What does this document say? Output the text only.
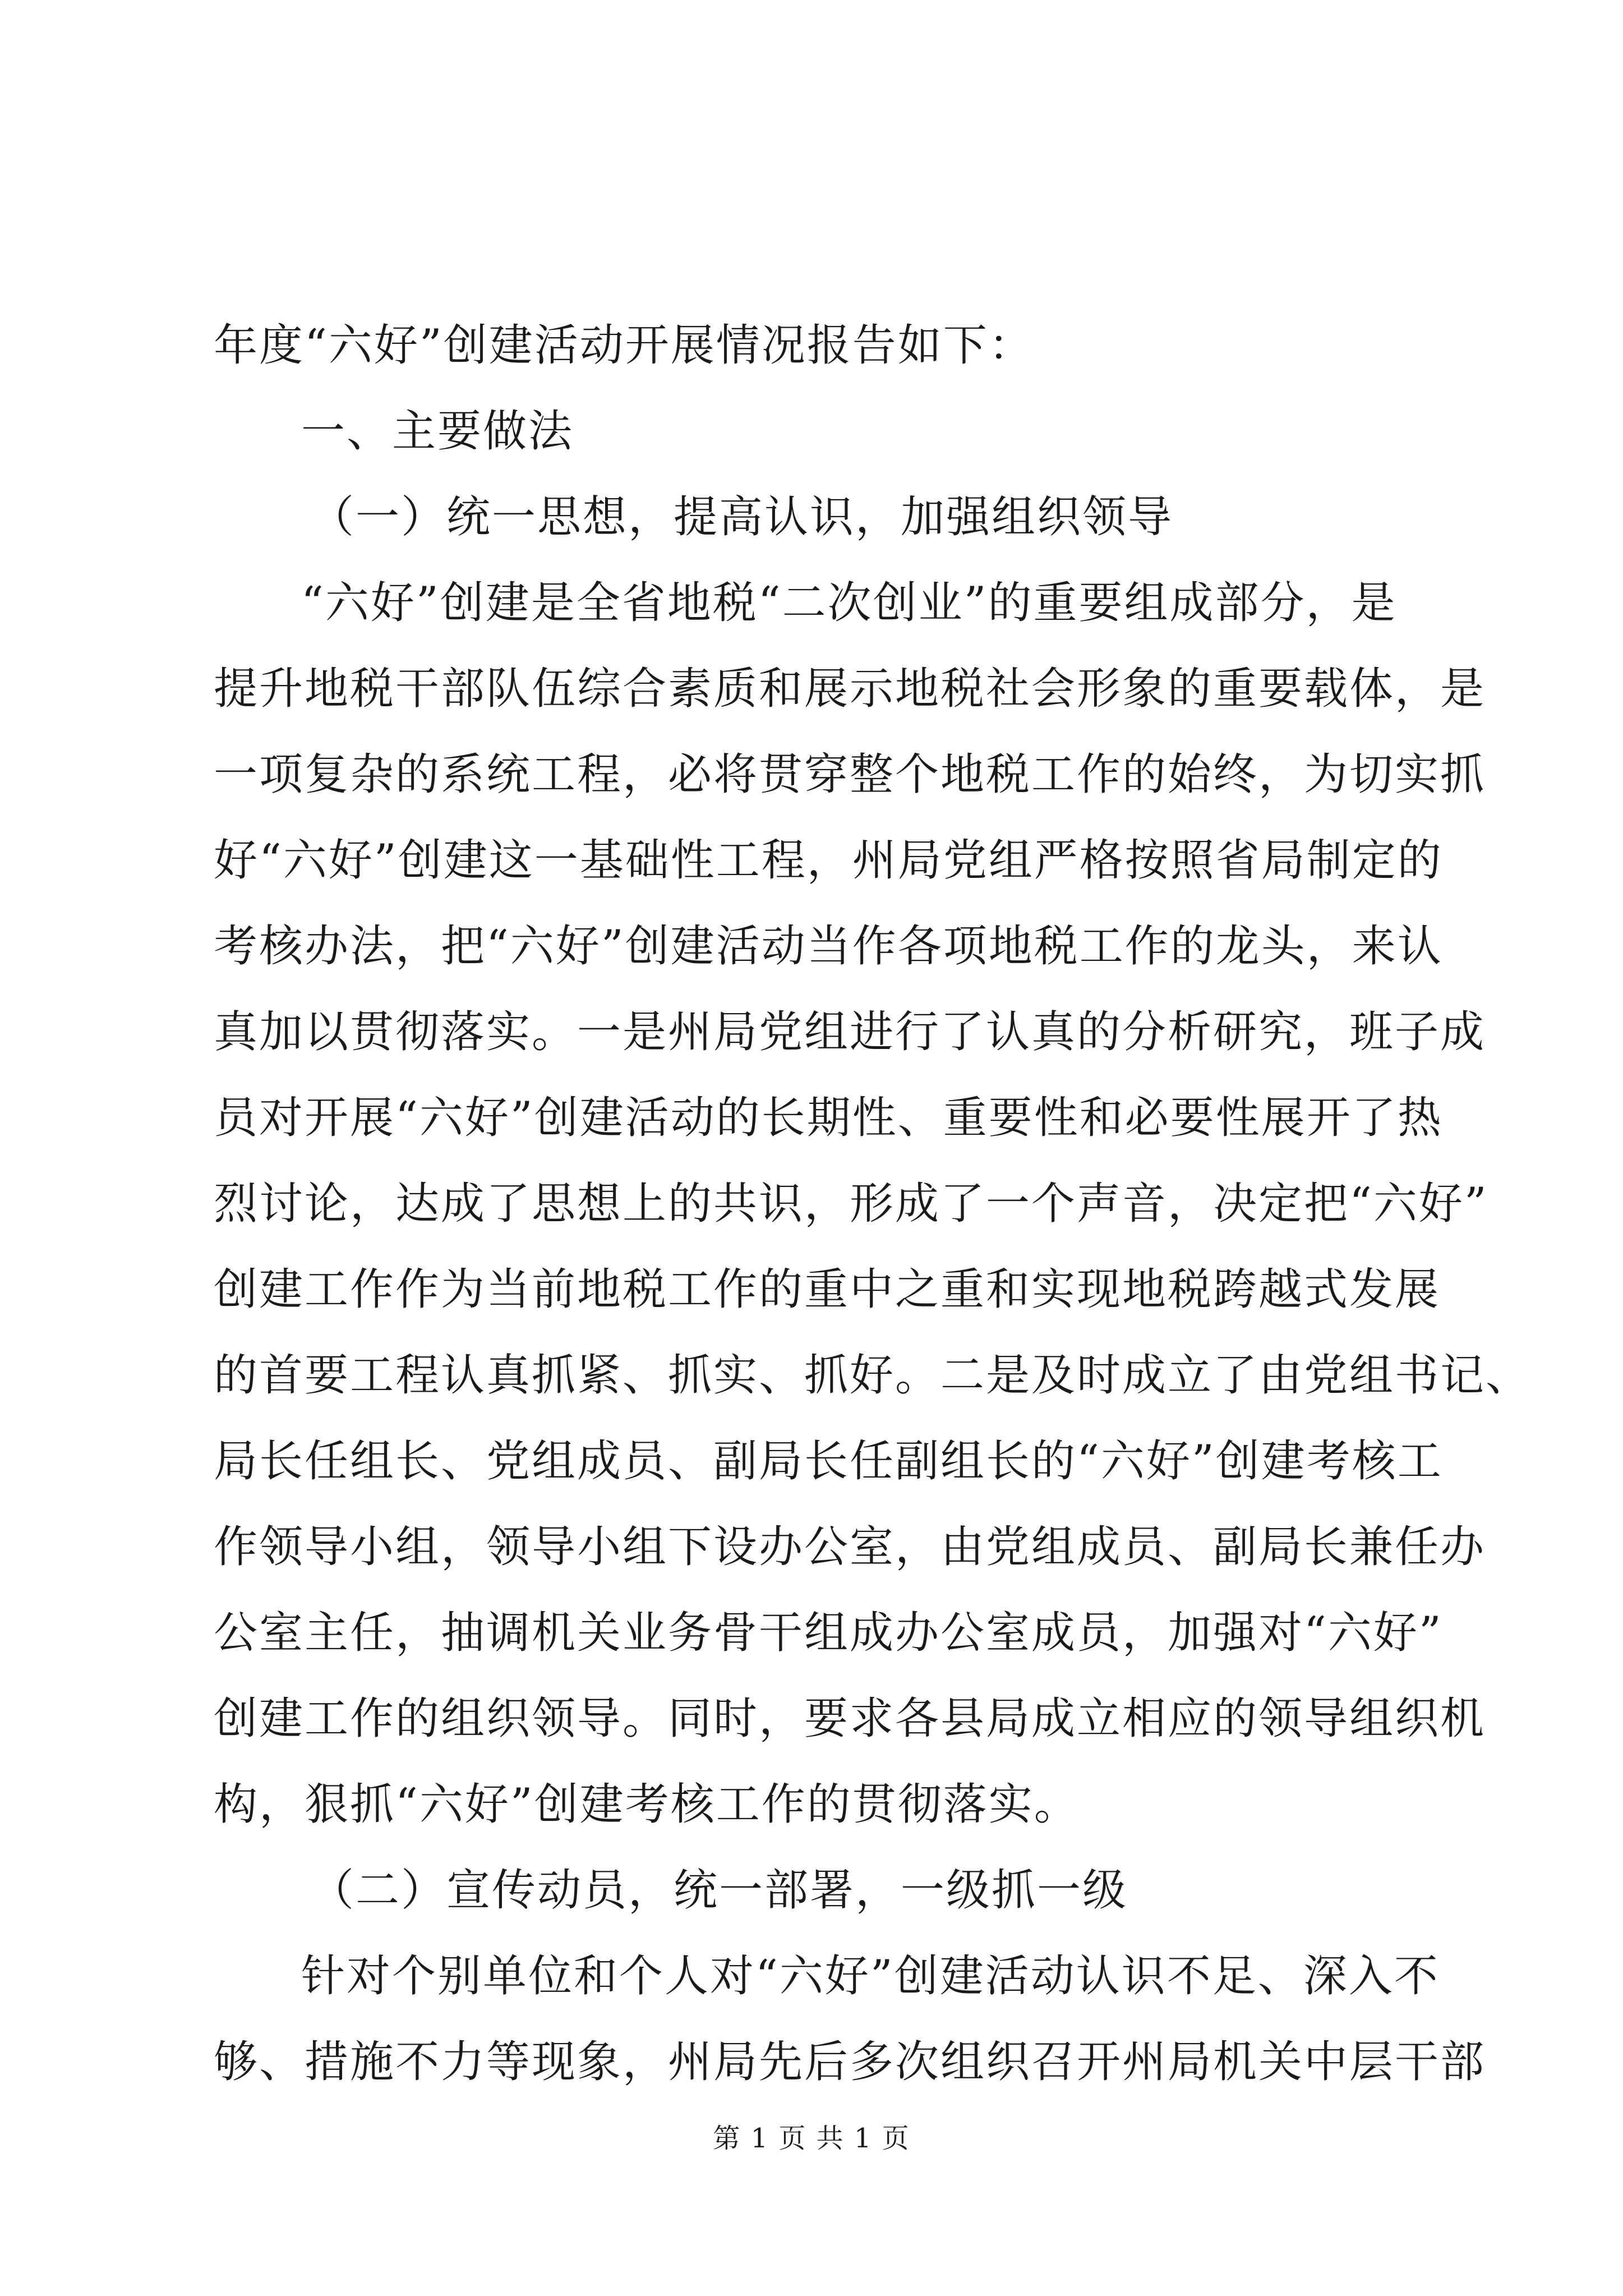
年度“六好”创建活动开展情况报告如下：
一、主要做法
（一）统一思想，提高认识，加强组织领导
“六好”创建是全省地税“二次创业”的重要组成部分，是
提升地税干部队伍综合素质和展示地税社会形象的重要载体，是
一项复杂的系统工程，必将贯穿整个地税工作的始终，为切实抓
好“六好”创建这一基础性工程，州局党组严格按照省局制定的
考核办法，把“六好”创建活动当作各项地税工作的龙头，来认
真加以贯彻落实。一是州局党组进行了认真的分析研究，班子成
员对开展“六好”创建活动的长期性、重要性和必要性展开了热
烈讨论，达成了思想上的共识，形成了一个声音，决定把“六好”
创建工作作为当前地税工作的重中之重和实现地税跨越式发展
的首要工程认真抓紧、抓实、抓好。二是及时成立了由党组书记、
局长任组长、党组成员、副局长任副组长的“六好”创建考核工
作领导小组，领导小组下设办公室，由党组成员、副局长兼任办
公室主任，抽调机关业务骨干组成办公室成员，加强对“六好”
创建工作的组织领导。同时，要求各县局成立相应的领导组织机
构，狠抓“六好”创建考核工作的贯彻落实。
（二）宣传动员，统一部署，一级抓一级
针对个别单位和个人对“六好”创建活动认识不足、深入不
够、措施不力等现象，州局先后多次组织召开州局机关中层干部
第 1 页 共 1 页
